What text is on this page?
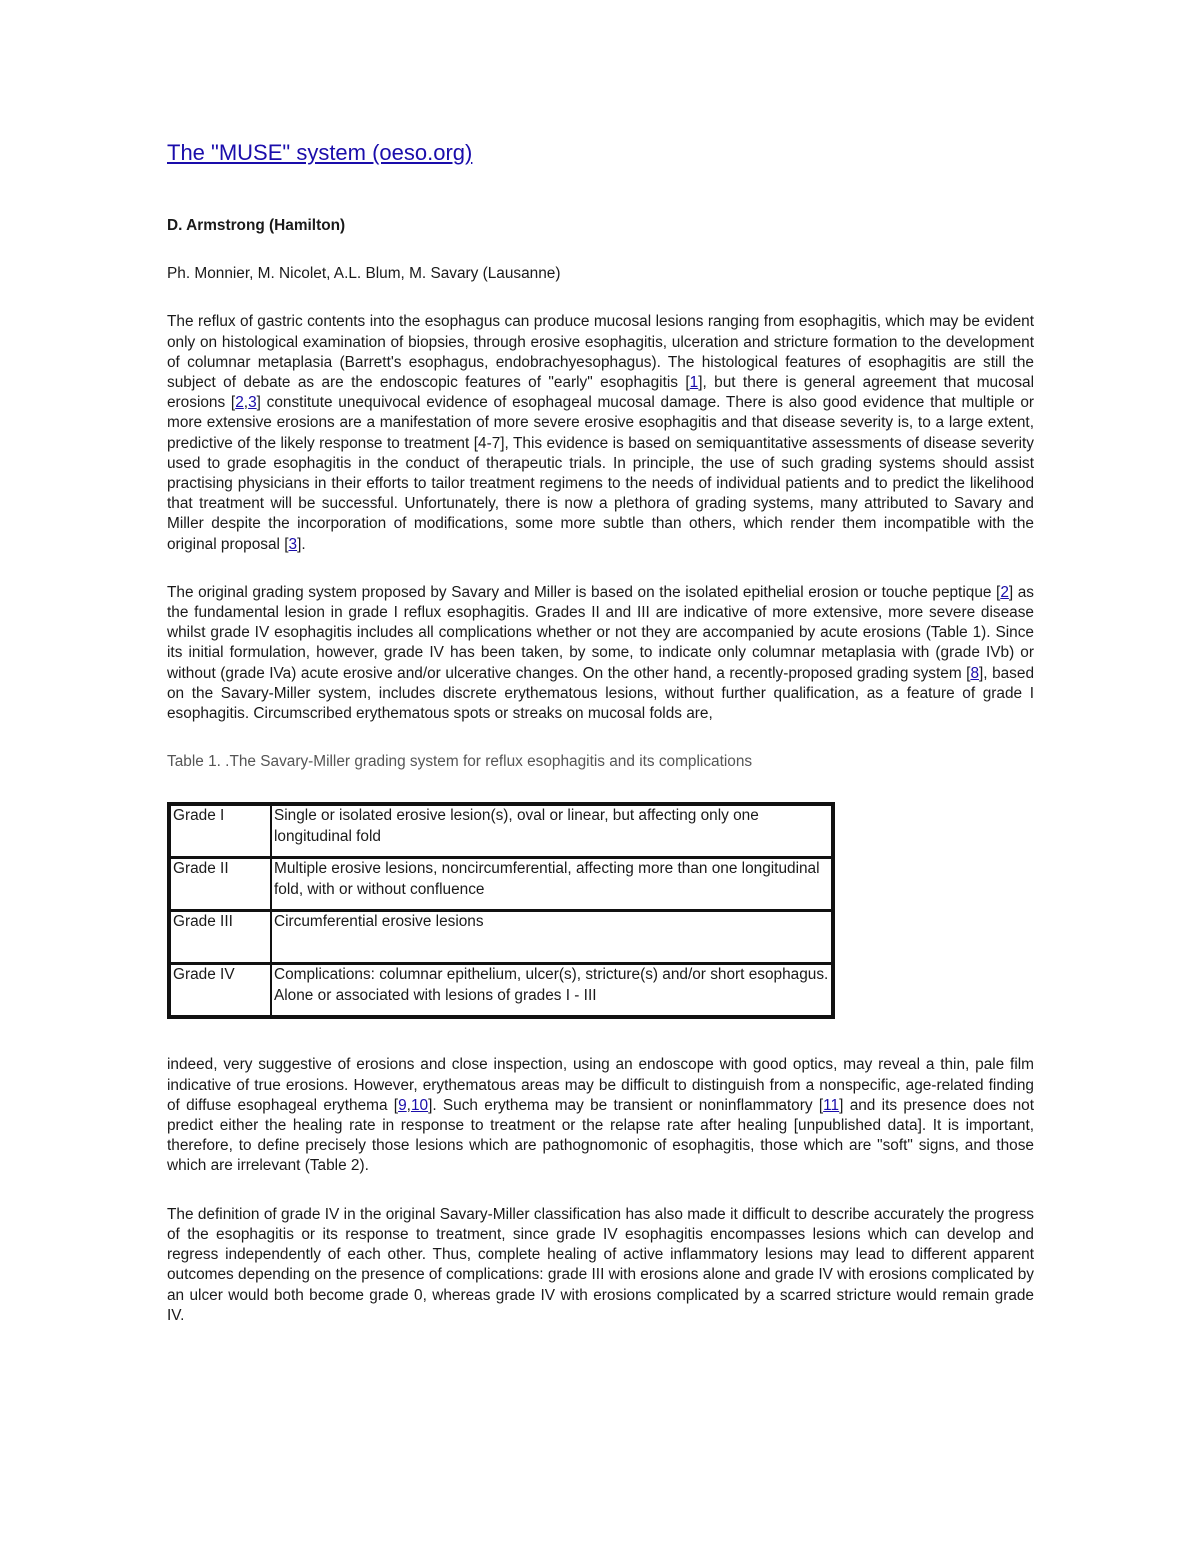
The "MUSE" system (oeso.org)
D. Armstrong (Hamilton)
Ph. Monnier, M. Nicolet, A.L. Blum, M. Savary (Lausanne)
The reflux of gastric contents into the esophagus can produce mucosal lesions ranging from esophagitis, which may be evident only on histological examination of biopsies, through erosive esophagitis, ulceration and stricture formation to the development of columnar metaplasia (Barrett's esophagus, endobrachyesophagus). The histological features of esophagitis are still the subject of debate as are the endoscopic features of "early" esophagitis [1], but there is general agreement that mucosal erosions [2,3] constitute unequivocal evidence of esophageal mucosal damage. There is also good evidence that multiple or more extensive erosions are a manifestation of more severe erosive esophagitis and that disease severity is, to a large extent, predictive of the likely response to treatment [4-7], This evidence is based on semiquantitative assessments of disease severity used to grade esophagitis in the conduct of therapeutic trials. In principle, the use of such grading systems should assist practising physicians in their efforts to tailor treatment regimens to the needs of individual patients and to predict the likelihood that treatment will be successful. Unfortunately, there is now a plethora of grading systems, many attributed to Savary and Miller despite the incorporation of modifications, some more subtle than others, which render them incompatible with the original proposal [3].
The original grading system proposed by Savary and Miller is based on the isolated epithelial erosion or touche peptique [2] as the fundamental lesion in grade I reflux esophagitis. Grades II and III are indicative of more extensive, more severe disease whilst grade IV esophagitis includes all complications whether or not they are accompanied by acute erosions (Table 1). Since its initial formulation, however, grade IV has been taken, by some, to indicate only columnar metaplasia with (grade IVb) or without (grade IVa) acute erosive and/or ulcerative changes. On the other hand, a recently-proposed grading system [8], based on the Savary-Miller system, includes discrete erythematous lesions, without further qualification, as a feature of grade I esophagitis. Circumscribed erythematous spots or streaks on mucosal folds are,
Table 1. .The Savary-Miller grading system for reflux esophagitis and its complications
Grade I	Single or isolated erosive lesion(s), oval or linear, but affecting only one longitudinal fold
Grade II	Multiple erosive lesions, noncircumferential, affecting more than one longitudinal fold, with or without confluence
Grade III	Circumferential erosive lesions
Grade IV	Complications: columnar epithelium, ulcer(s), stricture(s) and/or short esophagus. Alone or associated with lesions of grades I - III
indeed, very suggestive of erosions and close inspection, using an endoscope with good optics, may reveal a thin, pale film indicative of true erosions. However, erythematous areas may be difficult to distinguish from a nonspecific, age-related finding of diffuse esophageal erythema [9,10]. Such erythema may be transient or noninflammatory [11] and its presence does not predict either the healing rate in response to treatment or the relapse rate after healing [unpublished data]. It is important, therefore, to define precisely those lesions which are pathognomonic of esophagitis, those which are "soft" signs, and those which are irrelevant (Table 2).
The definition of grade IV in the original Savary-Miller classification has also made it difficult to describe accurately the progress of the esophagitis or its response to treatment, since grade IV esophagitis encompasses lesions which can develop and regress independently of each other. Thus, complete healing of active inflammatory lesions may lead to different apparent outcomes depending on the presence of complications: grade III with erosions alone and grade IV with erosions complicated by an ulcer would both become grade 0, whereas grade IV with erosions complicated by a scarred stricture would remain grade IV.
